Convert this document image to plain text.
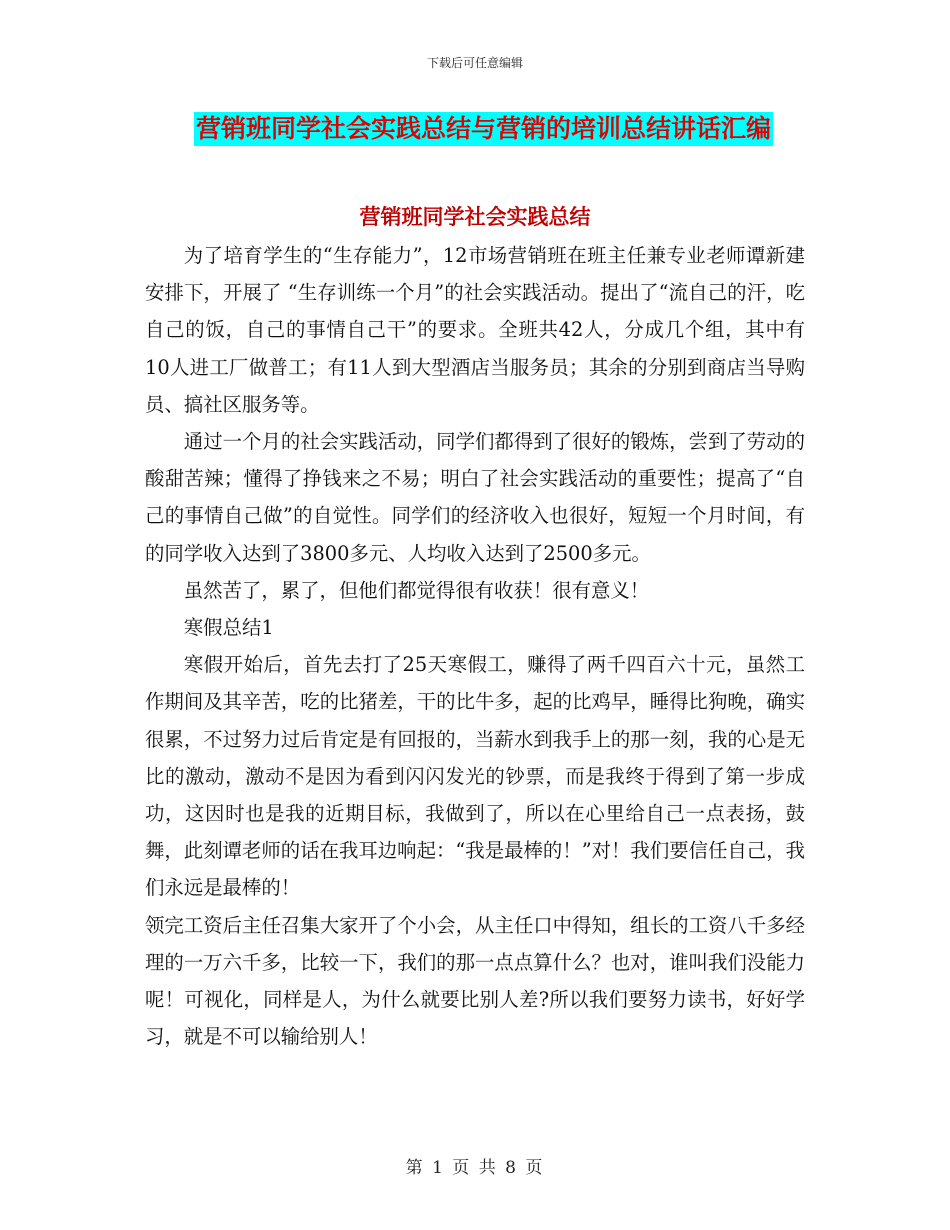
下载后可任意编辑
营销班同学社会实践总结与营销的培训总结讲话汇编
营销班同学社会实践总结

为了培育学生的“生存能力”，12市场营销班在班主任兼专业老师谭新建安排下，开展了 “生存训练一个月”的社会实践活动。提出了“流自己的汗，吃自己的饭，自己的事情自己干”的要求。全班共42人，分成几个组，其中有10人进工厂做普工；有11人到大型酒店当服务员；其余的分别到商店当导购员、搞社区服务等。

通过一个月的社会实践活动，同学们都得到了很好的锻炼，尝到了劳动的酸甜苦辣；懂得了挣钱来之不易；明白了社会实践活动的重要性；提高了“自己的事情自己做”的自觉性。同学们的经济收入也很好，短短一个月时间，有的同学收入达到了3800多元、人均收入达到了2500多元。

虽然苦了，累了，但他们都觉得很有收获！很有意义！

寒假总结1

寒假开始后，首先去打了25天寒假工，赚得了两千四百六十元，虽然工作期间及其辛苦，吃的比猪差，干的比牛多，起的比鸡早，睡得比狗晚，确实很累，不过努力过后肯定是有回报的，当薪水到我手上的那一刻，我的心是无比的激动，激动不是因为看到闪闪发光的钞票，而是我终于得到了第一步成功，这因时也是我的近期目标，我做到了，所以在心里给自己一点表扬，鼓舞，此刻谭老师的话在我耳边响起：“我是最棒的！”对！我们要信任自己，我们永远是最棒的！

领完工资后主任召集大家开了个小会，从主任口中得知，组长的工资八千多经理的一万六千多，比较一下，我们的那一点点算什么？也对，谁叫我们没能力呢！可视化，同样是人，为什么就要比别人差?所以我们要努力读书，好好学习，就是不可以输给别人！

第 1 页 共 8 页
